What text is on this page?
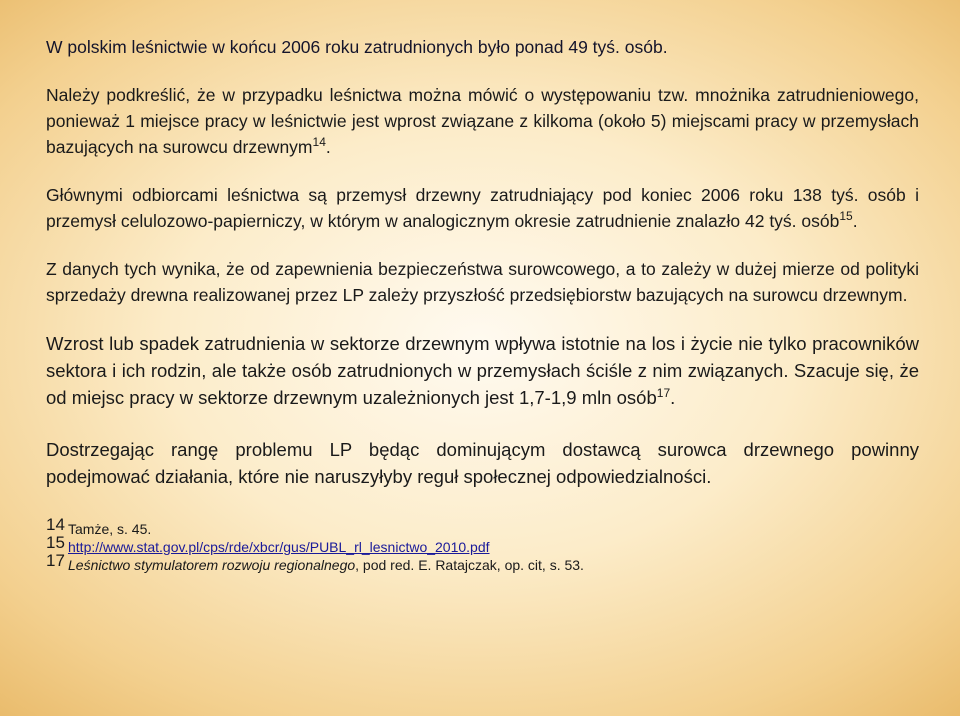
W polskim leśnictwie w końcu 2006 roku zatrudnionych było ponad 49 tyś. osób.

Należy podkreślić, że w przypadku leśnictwa można mówić o występowaniu tzw. mnożnika zatrudnieniowego, ponieważ 1 miejsce pracy w leśnictwie jest wprost związane z kilkoma (około 5) miejscami pracy w przemysłach bazujących na surowcu drzewnym$^{14}$.

Głównymi odbiorcami leśnictwa są przemysł drzewny zatrudniający pod koniec 2006 roku 138 tyś. osób i przemysł celulozowo-papierniczy, w którym w analogicznym okresie zatrudnienie znalazło 42 tyś. osób$^{15}$.

Z danych tych wynika, że od zapewnienia bezpieczeństwa surowcowego, a to zależy w dużej mierze od polityki sprzedaży drewna realizowanej przez LP zależy przyszłość przedsiębiorstw bazujących na surowcu drzewnym.

Wzrost lub spadek zatrudnienia w sektorze drzewnym wpływa istotnie na los i życie nie tylko pracowników sektora i ich rodzin, ale także osób zatrudnionych w przemysłach ściśle z nim związanych. Szacuje się, że od miejsc pracy w sektorze drzewnym uzależnionych jest 1,7-1,9 mln osób$^{17}$.

Dostrzegając rangę problemu LP będąc dominującym dostawcą surowca drzewnego powinny podejmować działania, które nie naruszyłyby reguł społecznej odpowiedzialności.

14 Tamże, s. 45.
15 http://www.stat.gov.pl/cps/rde/xbcr/gus/PUBL_rl_lesnictwo_2010.pdf
17 Leśnictwo stymulatorem rozwoju regionalnego, pod red. E. Ratajczak, op. cit, s. 53.
